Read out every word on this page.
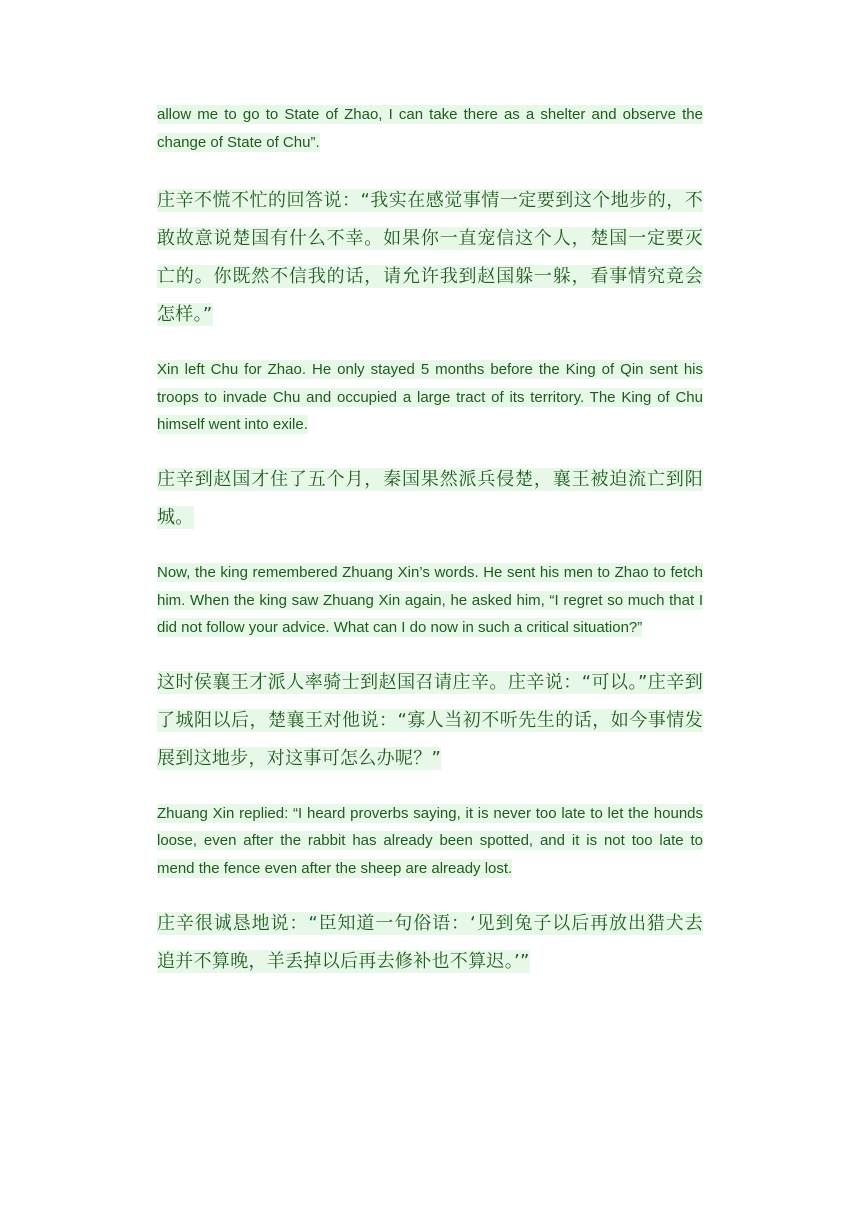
allow me to go to State of Zhao, I can take there as a shelter and observe the change of State of Chu”.

庄辛不慌不忙的回答说：“我实在感觉事情一定要到这个地步的，不敢故意说楚国有什么不幸。如果你一直宠信这个人，楚国一定要灭亡的。你既然不信我的话，请允许我到赵国躲一躲，看事情究竟会怎样。”

Xin left Chu for Zhao. He only stayed 5 months before the King of Qin sent his troops to invade Chu and occupied a large tract of its territory. The King of Chu himself went into exile.

庄辛到赵国才住了五个月，秦国果然派兵侵楚，襄王被迫流亡到阳城。

Now, the king remembered Zhuang Xin’s words. He sent his men to Zhao to fetch him. When the king saw Zhuang Xin again, he asked him, “I regret so much that I did not follow your advice. What can I do now in such a critical situation?”

这时侯襄王才派人率骑士到赵国召请庄辛。庄辛说：“可以。”庄辛到了城阳以后，楚襄王对他说：“寡人当初不听先生的话，如今事情发展到这地步，对这事可怎么办呢？”

Zhuang Xin replied: “I heard proverbs saying, it is never too late to let the hounds loose, even after the rabbit has already been spotted, and it is not too late to mend the fence even after the sheep are already lost.

庄辛很诚恳地说：“臣知道一句俗语：‘见到兔子以后再放出猎犬去追并不算晚，羊丢掉以后再去修补也不算迟。’”
